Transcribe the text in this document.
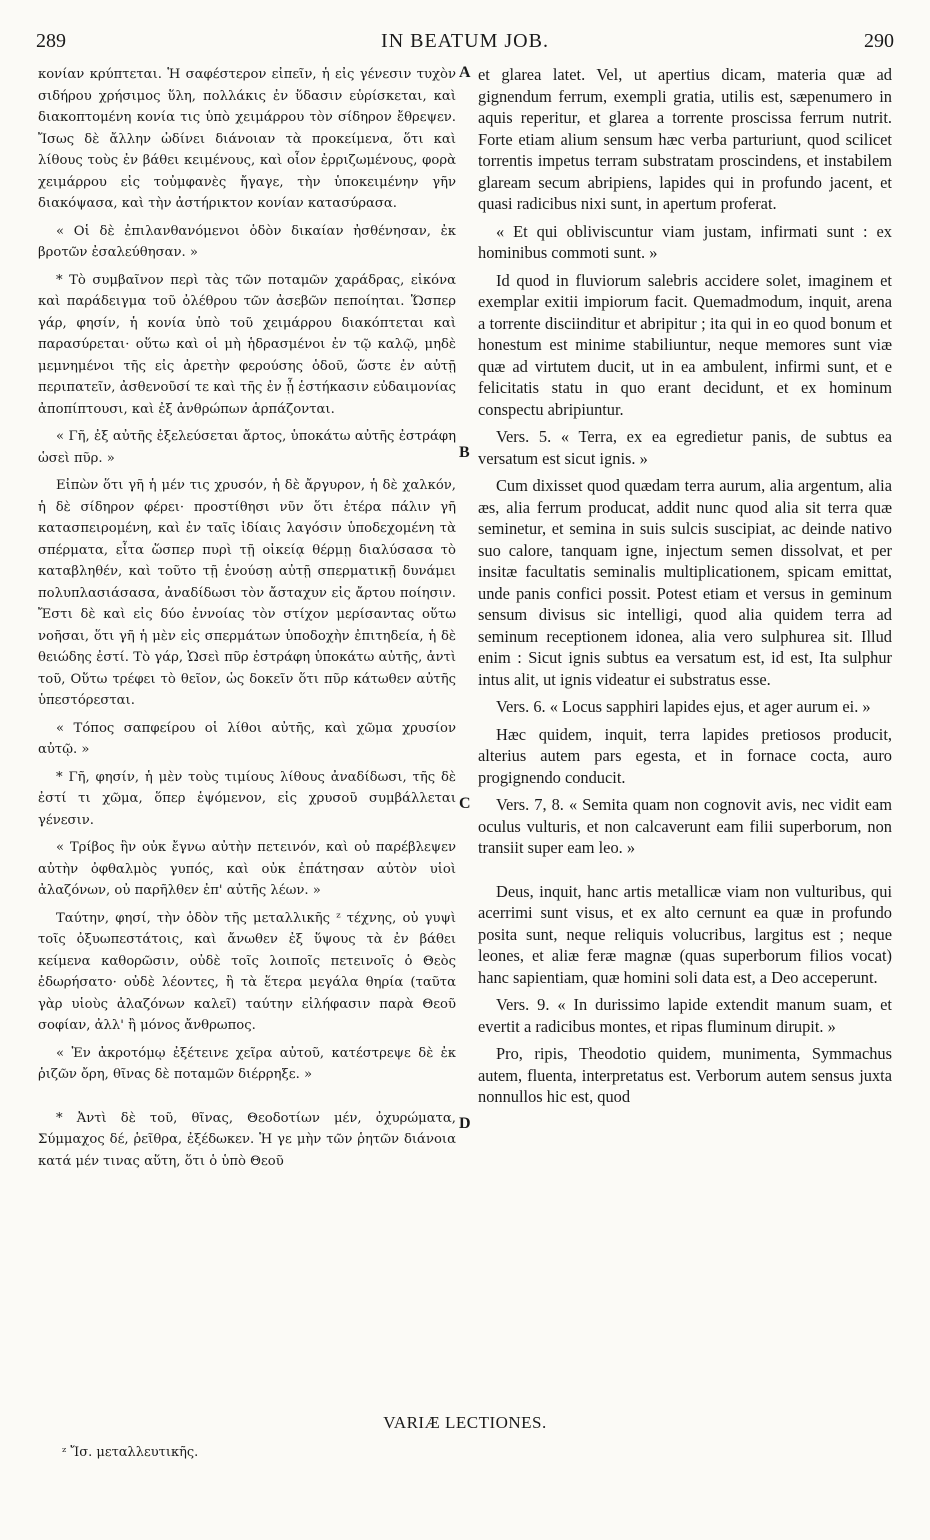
289	IN BEATUM JOB.	290

κονίαν κρύπτεται. Ἡ σαφέστερον εἰπεῖν, ἡ εἰς γένεσιν τυχὸν σιδήρου χρήσιμος ὕλη, πολλάκις ἐν ὕδασιν εὑρίσκεται, καὶ διακοπτομένη κονία τις ὑπὸ χειμάρρου τὸν σίδηρον ἔθρεψεν. Ἴσως δὲ ἄλλην ὠδίνει διάνοιαν τὰ προκείμενα, ὅτι καὶ λίθους τοὺς ἐν βάθει κειμένους, καὶ οἷον ἐρριζωμένους, φορὰ χειμάρρου εἰς τοὐμφανὲς ἤγαγε, τὴν ὑποκειμένην γῆν διακόψασα, καὶ τὴν ἀστήρικτον κονίαν κατασύρασα.

« Οἱ δὲ ἐπιλανθανόμενοι ὁδὸν δικαίαν ἠσθένησαν, ἐκ βροτῶν ἐσαλεύθησαν. »

* Τὸ συμβαῖνον περὶ τὰς τῶν ποταμῶν χαράδρας, εἰκόνα καὶ παράδειγμα τοῦ ὀλέθρου τῶν ἀσεβῶν πεποίηται. Ὥσπερ γάρ, φησίν, ἡ κονία ὑπὸ τοῦ χειμάρρου διακόπτεται καὶ παρασύρεται· οὕτω καὶ οἱ μὴ ἡδρασμένοι ἐν τῷ καλῷ, μηδὲ μεμνημένοι τῆς εἰς ἀρετὴν φερούσης ὁδοῦ, ὥστε ἐν αὐτῇ περιπατεῖν, ἀσθενοῦσί τε καὶ τῆς ἐν ᾗ ἑστήκασιν εὐδαιμονίας ἀποπίπτουσι, καὶ ἐξ ἀνθρώπων ἁρπάζονται.

« Γῆ, ἐξ αὐτῆς ἐξελεύσεται ἄρτος, ὑποκάτω αὐτῆς ἐστράφη ὡσεὶ πῦρ. »

Εἰπὼν ὅτι γῆ ἡ μέν τις χρυσόν, ἡ δὲ ἄργυρον, ἡ δὲ χαλκόν, ἡ δὲ σίδηρον φέρει· προστίθησι νῦν ὅτι ἑτέρα πάλιν γῆ κατασπειρομένη, καὶ ἐν ταῖς ἰδίαις λαγόσιν ὑποδεχομένη τὰ σπέρματα, εἶτα ὥσπερ πυρὶ τῇ οἰκείᾳ θέρμῃ διαλύσασα τὸ καταβληθέν, καὶ τοῦτο τῇ ἑνούσῃ αὐτῇ σπερματικῇ δυνάμει πολυπλασιάσασα, ἀναδίδωσι τὸν ἄσταχυν εἰς ἄρτου ποίησιν. Ἔστι δὲ καὶ εἰς δύο ἐννοίας τὸν στίχον μερίσαντας οὕτω νοῆσαι, ὅτι γῆ ἡ μὲν εἰς σπερμάτων ὑποδοχὴν ἐπιτηδεία, ἡ δὲ θειώδης ἐστί. Τὸ γάρ, Ὡσεὶ πῦρ ἐστράφη ὑποκάτω αὐτῆς, ἀντὶ τοῦ, Οὕτω τρέφει τὸ θεῖον, ὡς δοκεῖν ὅτι πῦρ κάτωθεν αὐτῆς ὑπεστόρεσται.

« Τόπος σαπφείρου οἱ λίθοι αὐτῆς, καὶ χῶμα χρυσίον αὐτῷ. »

* Γῆ, φησίν, ἡ μὲν τοὺς τιμίους λίθους ἀναδίδωσι, τῆς δὲ ἐστί τι χῶμα, ὅπερ ἑψόμενον, εἰς χρυσοῦ συμβάλλεται γένεσιν.

« Τρίβος ἣν οὐκ ἔγνω αὐτὴν πετεινόν, καὶ οὐ παρέβλεψεν αὐτὴν ὀφθαλμὸς γυπός, καὶ οὐκ ἐπάτησαν αὐτὸν υἱοὶ ἀλαζόνων, οὐ παρῆλθεν ἐπ' αὐτῆς λέων. »

Ταύτην, φησί, τὴν ὁδὸν τῆς μεταλλικῆς ᶻ τέχνης, οὐ γυψὶ τοῖς ὀξυωπεστάτοις, καὶ ἄνωθεν ἐξ ὕψους τὰ ἐν βάθει κείμενα καθορῶσιν, οὐδὲ τοῖς λοιποῖς πετεινοῖς ὁ Θεὸς ἐδωρήσατο· οὐδὲ λέοντες, ἢ τὰ ἕτερα μεγάλα θηρία (ταῦτα γὰρ υἱοὺς ἀλαζόνων καλεῖ) ταύτην εἰλήφασιν παρὰ Θεοῦ σοφίαν, ἀλλ' ἢ μόνος ἄνθρωπος.

« Ἐν ἀκροτόμῳ ἐξέτεινε χεῖρα αὐτοῦ, κατέστρεψε δὲ ἐκ ῥιζῶν ὄρη, θῖνας δὲ ποταμῶν διέρρηξε. »

* Ἀντὶ δὲ τοῦ, θῖνας, Θεοδοτίων μέν, ὀχυρώματα, Σύμμαχος δέ, ῥεῖθρα, ἐξέδωκεν. Ἡ γε μὴν τῶν ῥητῶν διάνοια κατά μέν τινας αὕτη, ὅτι ὁ ὑπὸ Θεοῦ

A
B
C
D

et glarea latet. Vel, ut apertius dicam, materia quæ ad gignendum ferrum, exempli gratia, utilis est, sæpenumero in aquis reperitur, et glarea a torrente proscissa ferrum nutrit. Forte etiam alium sensum hæc verba parturiunt, quod scilicet torrentis impetus terram substratam proscindens, et instabilem glaream secum abripiens, lapides qui in profundo jacent, et quasi radicibus nixi sunt, in apertum proferat.

« Et qui obliviscuntur viam justam, infirmati sunt : ex hominibus commoti sunt. »

Id quod in fluviorum salebris accidere solet, imaginem et exemplar exitii impiorum facit. Quemadmodum, inquit, arena a torrente disciinditur et abripitur ; ita qui in eo quod bonum et honestum est minime stabiliuntur, neque memores sunt viæ quæ ad virtutem ducit, ut in ea ambulent, infirmi sunt, et e felicitatis statu in quo erant decidunt, et ex hominum conspectu abripiuntur.

Vers. 5. « Terra, ex ea egredietur panis, de subtus ea versatum est sicut ignis. »

Cum dixisset quod quædam terra aurum, alia argentum, alia æs, alia ferrum producat, addit nunc quod alia sit terra quæ seminetur, et semina in suis sulcis suscipiat, ac deinde nativo suo calore, tanquam igne, injectum semen dissolvat, et per insitæ facultatis seminalis multiplicationem, spicam emittat, unde panis confici possit. Potest etiam et versus in geminum sensum divisus sic intelligi, quod alia quidem terra ad seminum receptionem idonea, alia vero sulphurea sit. Illud enim : Sicut ignis subtus ea versatum est, id est, Ita sulphur intus alit, ut ignis videatur ei substratus esse.

Vers. 6. « Locus sapphiri lapides ejus, et ager aurum ei. »

Hæc quidem, inquit, terra lapides pretiosos producit, alterius autem pars egesta, et in fornace cocta, auro progignendo conducit.

Vers. 7, 8. « Semita quam non cognovit avis, nec vidit eam oculus vulturis, et non calcaverunt eam filii superborum, non transiit super eam leo. »

Deus, inquit, hanc artis metallicæ viam non vulturibus, qui acerrimi sunt visus, et ex alto cernunt ea quæ in profundo posita sunt, neque reliquis volucribus, largitus est ; neque leones, et aliæ feræ magnæ (quas superborum filios vocat) hanc sapientiam, quæ homini soli data est, a Deo acceperunt.

Vers. 9. « In durissimo lapide extendit manum suam, et evertit a radicibus montes, et ripas fluminum dirupit. »

Pro, ripis, Theodotio quidem, munimenta, Symmachus autem, fluenta, interpretatus est. Verborum autem sensus juxta nonnullos hic est, quod

VARIÆ LECTIONES.
ᶻ Ἴσ. μεταλλευτικῆς.
